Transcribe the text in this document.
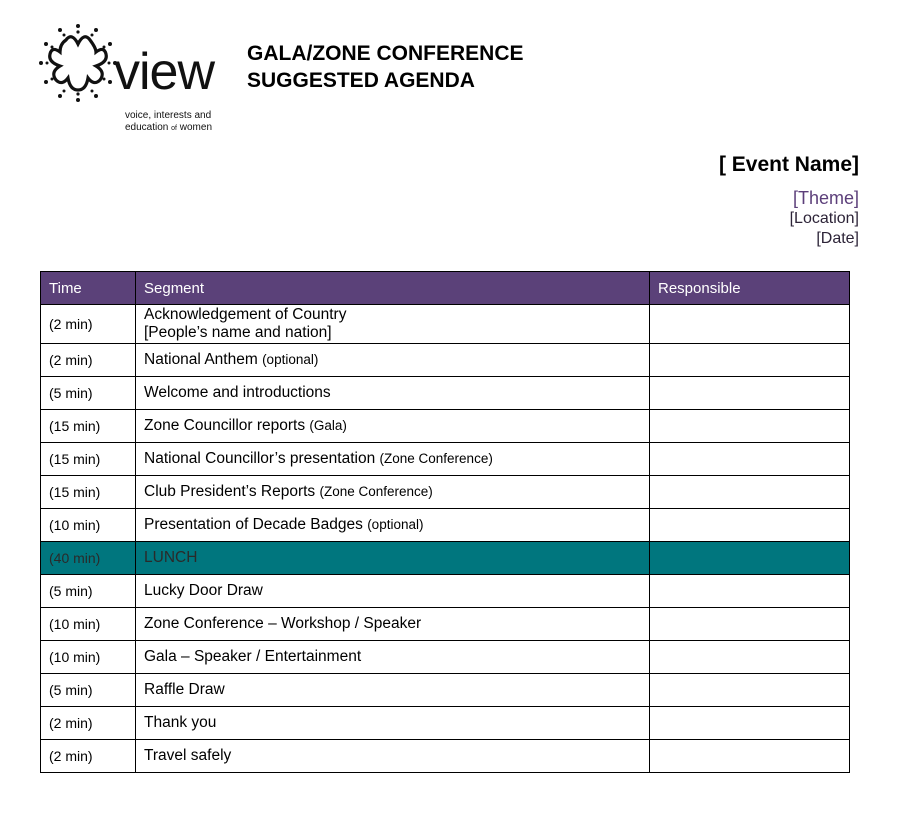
view
voice, interests and
education of women
GALA/ZONE CONFERENCE
SUGGESTED AGENDA
[ Event Name]
[Theme]
[Location]
[Date]
Time	Segment	Responsible
(2 min)	Acknowledgement of Country
[People’s name and nation]	

(2 min)	National Anthem (optional)	
(5 min)	Welcome and introductions	
(15 min)	Zone Councillor reports (Gala)	
(15 min)	National Councillor’s presentation (Zone Conference)	
(15 min)	Club President’s Reports (Zone Conference)	
(10 min)	Presentation of Decade Badges (optional)	
(40 min)	LUNCH	
(5 min)	Lucky Door Draw	
(10 min)	Zone Conference – Workshop / Speaker	
(10 min)	Gala – Speaker / Entertainment	
(5 min)	Raffle Draw	
(2 min)	Thank you	
(2 min)	Travel safely	
